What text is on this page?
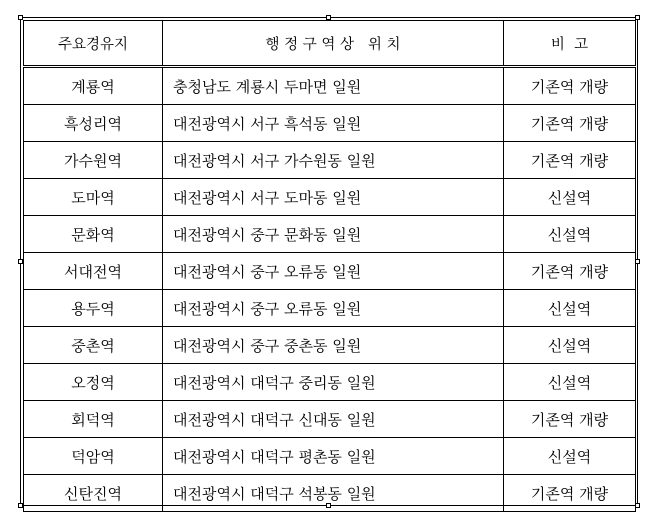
주요경유지	행 정 구 역 상   위 치	비  고
계룡역	충청남도 계룡시 두마면 일원	기존역 개량
흑성리역	대전광역시 서구 흑석동 일원	기존역 개량
가수원역	대전광역시 서구 가수원동 일원	기존역 개량
도마역	대전광역시 서구 도마동 일원	신설역
문화역	대전광역시 중구 문화동 일원	신설역
서대전역	대전광역시 중구 오류동 일원	기존역 개량
용두역	대전광역시 중구 오류동 일원	신설역
중촌역	대전광역시 중구 중촌동 일원	신설역
오정역	대전광역시 대덕구 중리동 일원	신설역
회덕역	대전광역시 대덕구 신대동 일원	기존역 개량
덕암역	대전광역시 대덕구 평촌동 일원	신설역
신탄진역	대전광역시 대덕구 석봉동 일원	기존역 개량
